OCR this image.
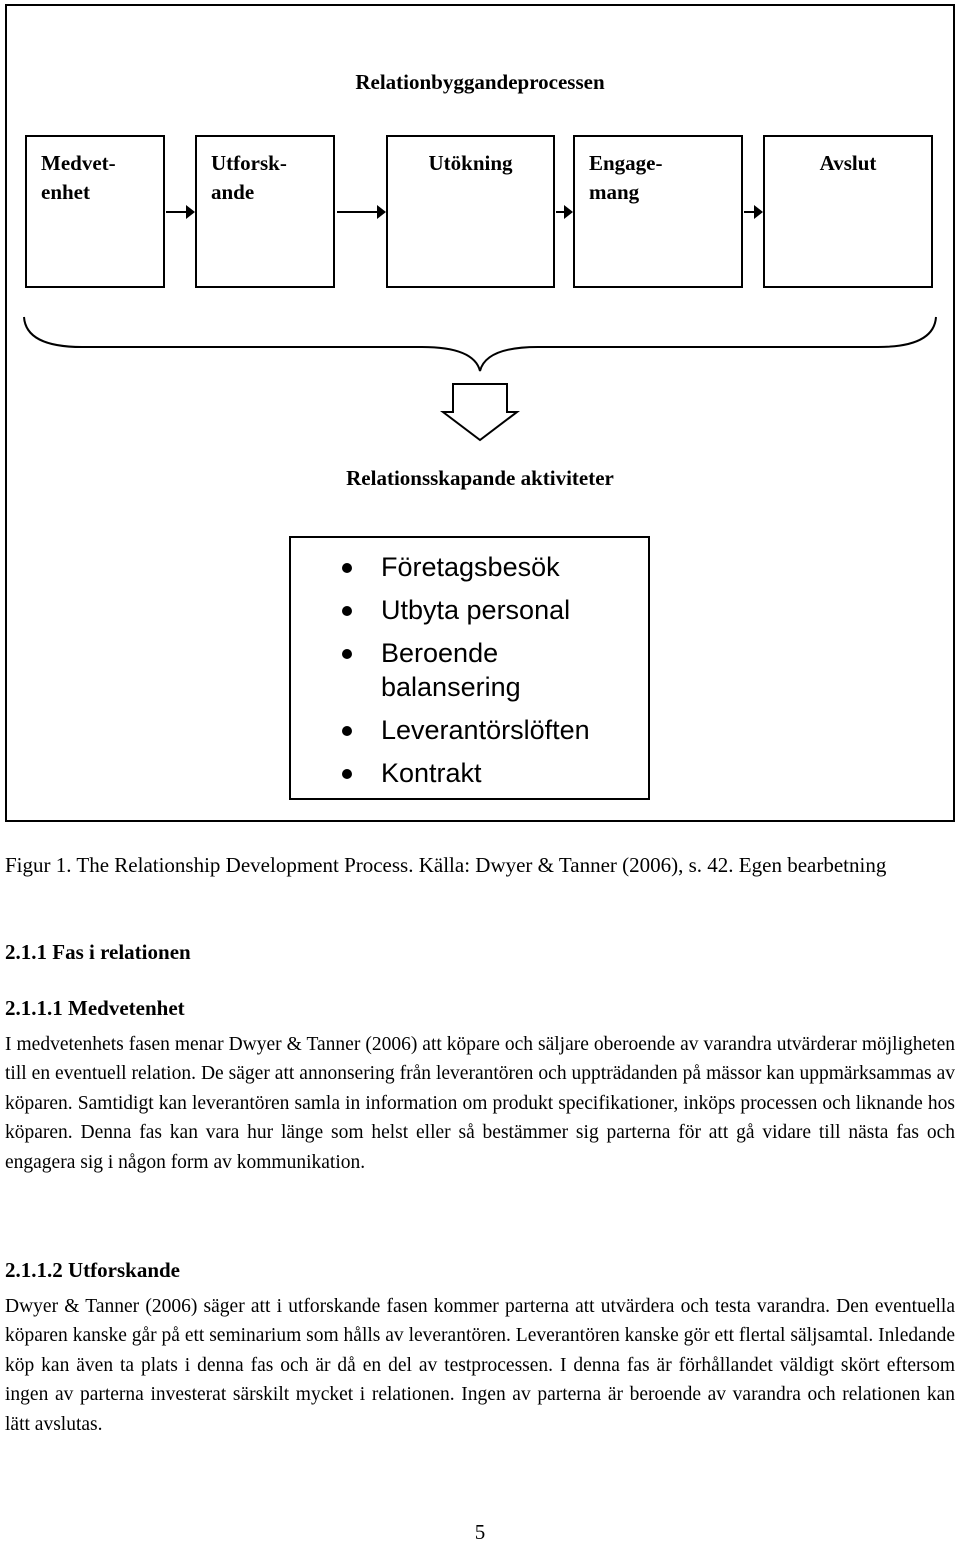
Relationbyggandeprocessen
Medvet-
enhet
Utforsk-
ande
Utökning	Engage-
mang
Avslut
Relationsskapande aktiviteter
Företagsbesök
Utbyta personal
Beroende balansering
Leverantörslöften
Kontrakt
Figur 1. The Relationship Development Process. Källa: Dwyer & Tanner (2006), s. 42. Egen bearbetning
2.1.1 Fas i relationen
2.1.1.1 Medvetenhet
I medvetenhets fasen menar Dwyer & Tanner (2006) att köpare och säljare oberoende av varandra utvärderar möjligheten till en eventuell relation. De säger att annonsering från leverantören och uppträdanden på mässor kan uppmärksammas av köparen. Samtidigt kan leverantören samla in information om produkt specifikationer, inköps processen och liknande hos köparen. Denna fas kan vara hur länge som helst eller så bestämmer sig parterna för att gå vidare till nästa fas och engagera sig i någon form av kommunikation.
2.1.1.2 Utforskande
Dwyer & Tanner (2006) säger att i utforskande fasen kommer parterna att utvärdera och testa varandra. Den eventuella köparen kanske går på ett seminarium som hålls av leverantören. Leverantören kanske gör ett flertal säljsamtal. Inledande köp kan även ta plats i denna fas och är då en del av testprocessen. I denna fas är förhållandet väldigt skört eftersom ingen av parterna investerat särskilt mycket i relationen. Ingen av parterna är beroende av varandra och relationen kan lätt avslutas.
5
